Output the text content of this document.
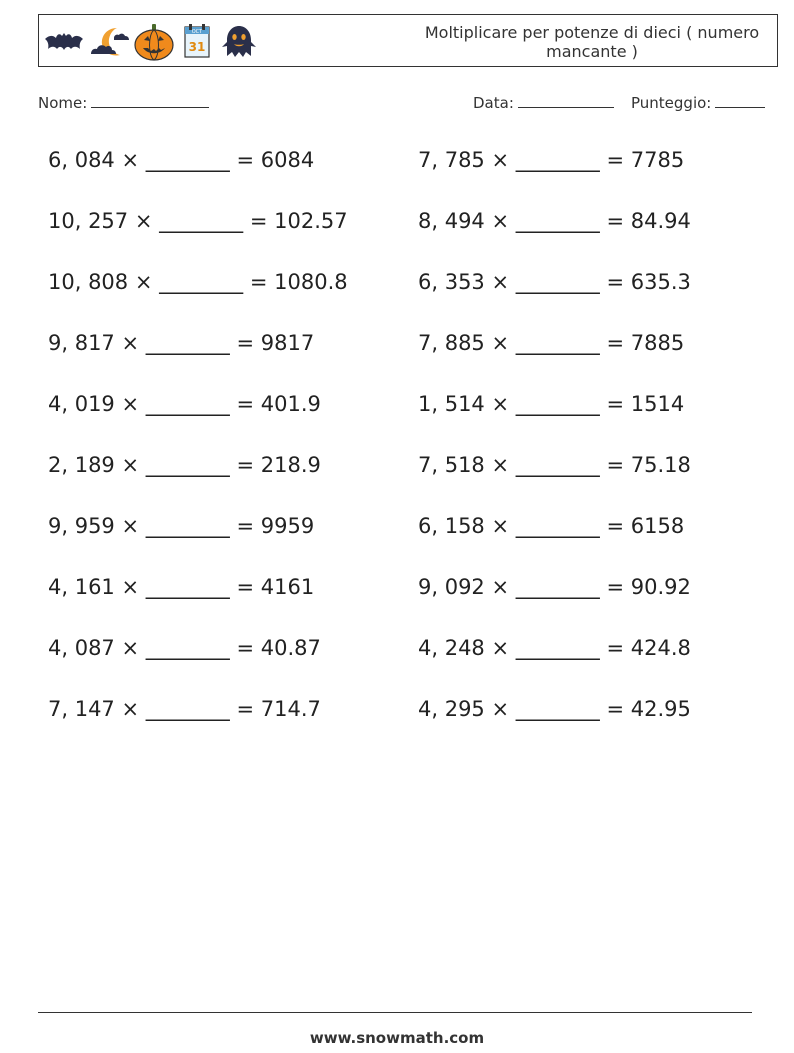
OCT
31
Moltiplicare per potenze di dieci ( numero mancante )
Nome:	Data:	Punteggio:
6, 084 × ________ = 6084
10, 257 × ________ = 102.57
10, 808 × ________ = 1080.8
9, 817 × ________ = 9817
4, 019 × ________ = 401.9
2, 189 × ________ = 218.9
9, 959 × ________ = 9959
4, 161 × ________ = 4161
4, 087 × ________ = 40.87
7, 147 × ________ = 714.7
7, 785 × ________ = 7785
8, 494 × ________ = 84.94
6, 353 × ________ = 635.3
7, 885 × ________ = 7885
1, 514 × ________ = 1514
7, 518 × ________ = 75.18
6, 158 × ________ = 6158
9, 092 × ________ = 90.92
4, 248 × ________ = 424.8
4, 295 × ________ = 42.95
www.snowmath.com
